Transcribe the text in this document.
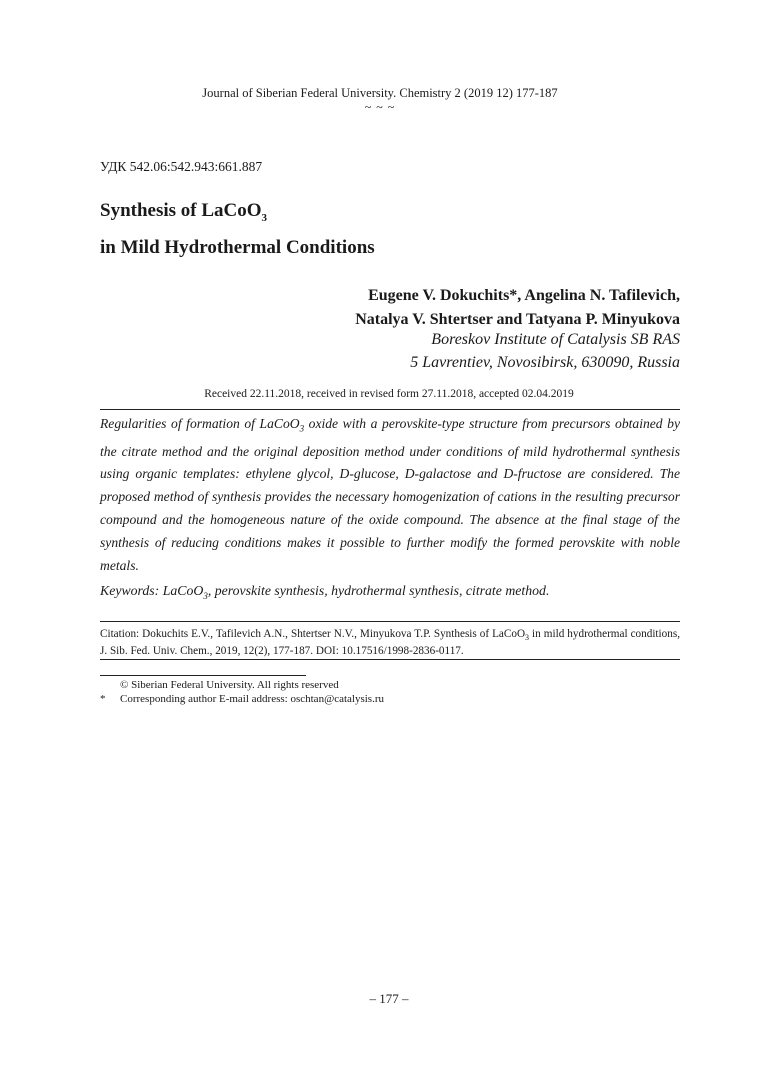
Journal of Siberian Federal University. Chemistry 2 (2019 12) 177-187
~ ~ ~
УДК 542.06:542.943:661.887
Synthesis of LaCoO$_3$
in Mild Hydrothermal Conditions
Eugene V. Dokuchits*, Angelina N. Tafilevich,
Natalya V. Shtertser and Tatyana P. Minyukova
Boreskov Institute of Catalysis SB RAS
5 Lavrentiev, Novosibirsk, 630090, Russia
Received 22.11.2018, received in revised form 27.11.2018, accepted 02.04.2019
Regularities of formation of LaCoO$_3$ oxide with a perovskite-type structure from precursors obtained by the citrate method and the original deposition method under conditions of mild hydrothermal synthesis using organic templates: ethylene glycol, D-glucose, D-galactose and D-fructose are considered. The proposed method of synthesis provides the necessary homogenization of cations in the resulting precursor compound and the homogeneous nature of the oxide compound. The absence at the final stage of the synthesis of reducing conditions makes it possible to further modify the formed perovskite with noble metals.
Keywords: LaCoO$_3$, perovskite synthesis, hydrothermal synthesis, citrate method.
Citation: Dokuchits E.V., Tafilevich A.N., Shtertser N.V., Minyukova T.P. Synthesis of LaCoO$_3$ in mild hydrothermal conditions, J. Sib. Fed. Univ. Chem., 2019, 12(2), 177-187. DOI: 10.17516/1998-2836-0117.
© Siberian Federal University. All rights reserved
* Corresponding author E-mail address: oschtan@catalysis.ru
– 177 –
